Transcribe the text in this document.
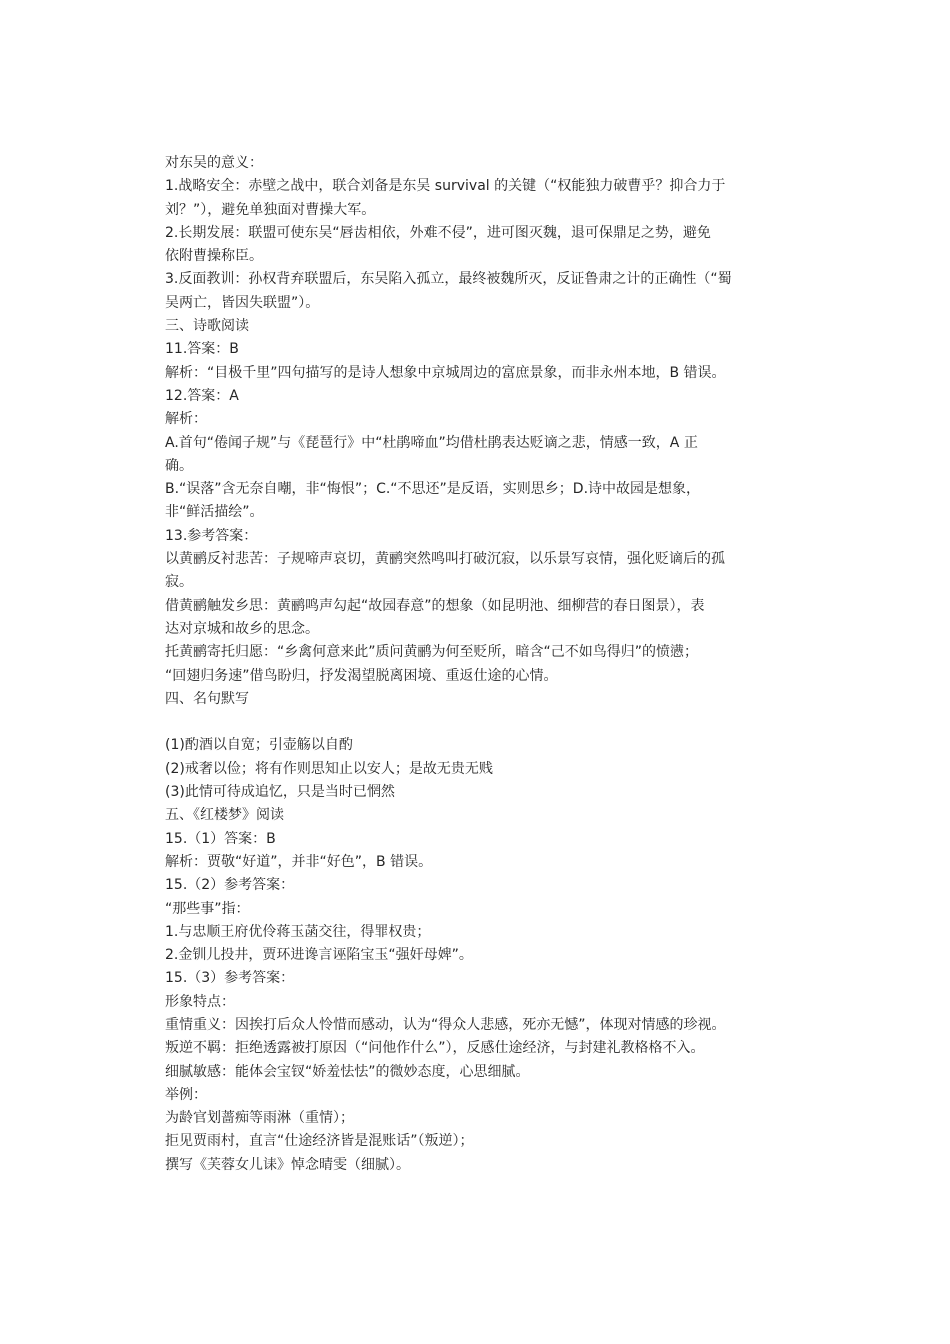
对东吴的意义：
1.战略安全：赤壁之战中，联合刘备是东吴 survival 的关键（“权能独力破曹乎？抑合力于
刘？”），避免单独面对曹操大军。
2.长期发展：联盟可使东吴“唇齿相依，外难不侵”，进可图灭魏，退可保鼎足之势，避免
依附曹操称臣。
3.反面教训：孙权背弃联盟后，东吴陷入孤立，最终被魏所灭，反证鲁肃之计的正确性（“蜀
吴两亡，皆因失联盟”）。
三、诗歌阅读
11.答案：B
解析：“目极千里”四句描写的是诗人想象中京城周边的富庶景象，而非永州本地，B 错误。
12.答案：A
解析：
A.首句“倦闻子规”与《琵琶行》中“杜鹃啼血”均借杜鹃表达贬谪之悲，情感一致，A 正
确。
B.“误落”含无奈自嘲，非“悔恨”；C.“不思还”是反语，实则思乡；D.诗中故园是想象，
非“鲜活描绘”。
13.参考答案：
以黄鹂反衬悲苦：子规啼声哀切，黄鹂突然鸣叫打破沉寂，以乐景写哀情，强化贬谪后的孤
寂。
借黄鹂触发乡思：黄鹂鸣声勾起“故园春意”的想象（如昆明池、细柳营的春日图景），表
达对京城和故乡的思念。
托黄鹂寄托归愿：“乡禽何意来此”质问黄鹂为何至贬所，暗含“己不如鸟得归”的愤懑；
“回翅归务速”借鸟盼归，抒发渴望脱离困境、重返仕途的心情。
四、名句默写
(1)酌酒以自宽；引壶觞以自酌
(2)戒奢以俭；将有作则思知止以安人；是故无贵无贱
(3)此情可待成追忆，只是当时已惘然
五、《红楼梦》阅读
15.（1）答案：B
解析：贾敬“好道”，并非“好色”，B 错误。
15.（2）参考答案：
“那些事”指：
1.与忠顺王府优伶蒋玉菡交往，得罪权贵；
2.金钏儿投井，贾环进谗言诬陷宝玉“强奸母婢”。
15.（3）参考答案：
形象特点：
重情重义：因挨打后众人怜惜而感动，认为“得众人悲感，死亦无憾”，体现对情感的珍视。
叛逆不羁：拒绝透露被打原因（“问他作什么”），反感仕途经济，与封建礼教格格不入。
细腻敏感：能体会宝钗“娇羞怯怯”的微妙态度，心思细腻。
举例：
为龄官划蔷痴等雨淋（重情）；
拒见贾雨村，直言“仕途经济皆是混账话”（叛逆）；
撰写《芙蓉女儿诔》悼念晴雯（细腻）。
